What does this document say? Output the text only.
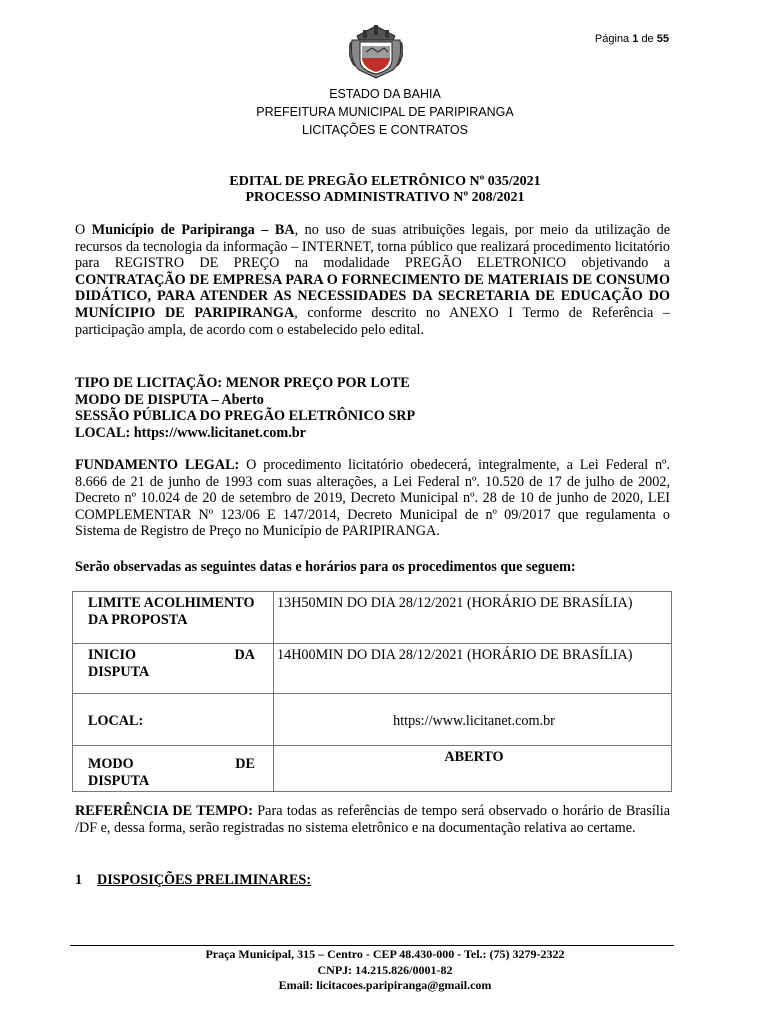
Página 1 de 55
ESTADO DA BAHIA
PREFEITURA MUNICIPAL DE PARIPIRANGA
LICITAÇÕES E CONTRATOS
EDITAL DE PREGÃO ELETRÔNICO Nº 035/2021
PROCESSO ADMINISTRATIVO Nº 208/2021
O Município de Paripiranga – BA, no uso de suas atribuições legais, por meio da utilização de recursos da tecnologia da informação – INTERNET, torna público que realizará procedimento licitatório para REGISTRO DE PREÇO na modalidade PREGÃO ELETRONICO objetivando a CONTRATAÇÃO DE EMPRESA PARA O FORNECIMENTO DE MATERIAIS DE CONSUMO DIDÁTICO, PARA ATENDER AS NECESSIDADES DA SECRETARIA DE EDUCAÇÃO DO MUNÍCIPIO DE PARIPIRANGA, conforme descrito no ANEXO I Termo de Referência – participação ampla, de acordo com o estabelecido pelo edital.
TIPO DE LICITAÇÃO: MENOR PREÇO POR LOTE
MODO DE DISPUTA – Aberto
SESSÃO PÚBLICA DO PREGÃO ELETRÔNICO SRP
LOCAL: https://www.licitanet.com.br
FUNDAMENTO LEGAL: O procedimento licitatório obedecerá, integralmente, a Lei Federal nº. 8.666 de 21 de junho de 1993 com suas alterações, a Lei Federal nº. 10.520 de 17 de julho de 2002, Decreto nº 10.024 de 20 de setembro de 2019, Decreto Municipal nº. 28 de 10 de junho de 2020, LEI COMPLEMENTAR Nº 123/06 E 147/2014, Decreto Municipal de nº 09/2017 que regulamenta o Sistema de Registro de Preço no Município de PARIPIRANGA.
Serão observadas as seguintes datas e horários para os procedimentos que seguem:
LIMITE ACOLHIMENTO DA PROPOSTA	13H50MIN DO DIA 28/12/2021 (HORÁRIO DE BRASÍLIA)

INICIO DA
DISPUTA	14H00MIN DO DIA 28/12/2021 (HORÁRIO DE BRASÍLIA)
LOCAL:	https://www.licitanet.com.br

MODO DE
DISPUTA	ABERTO
REFERÊNCIA DE TEMPO: Para todas as referências de tempo será observado o horário de Brasília /DF e, dessa forma, serão registradas no sistema eletrônico e na documentação relativa ao certame.
1 DISPOSIÇÕES PRELIMINARES:
Praça Municipal, 315 – Centro - CEP 48.430-000 - Tel.: (75) 3279-2322
CNPJ: 14.215.826/0001-82
Email: licitacoes.paripiranga@gmail.com
